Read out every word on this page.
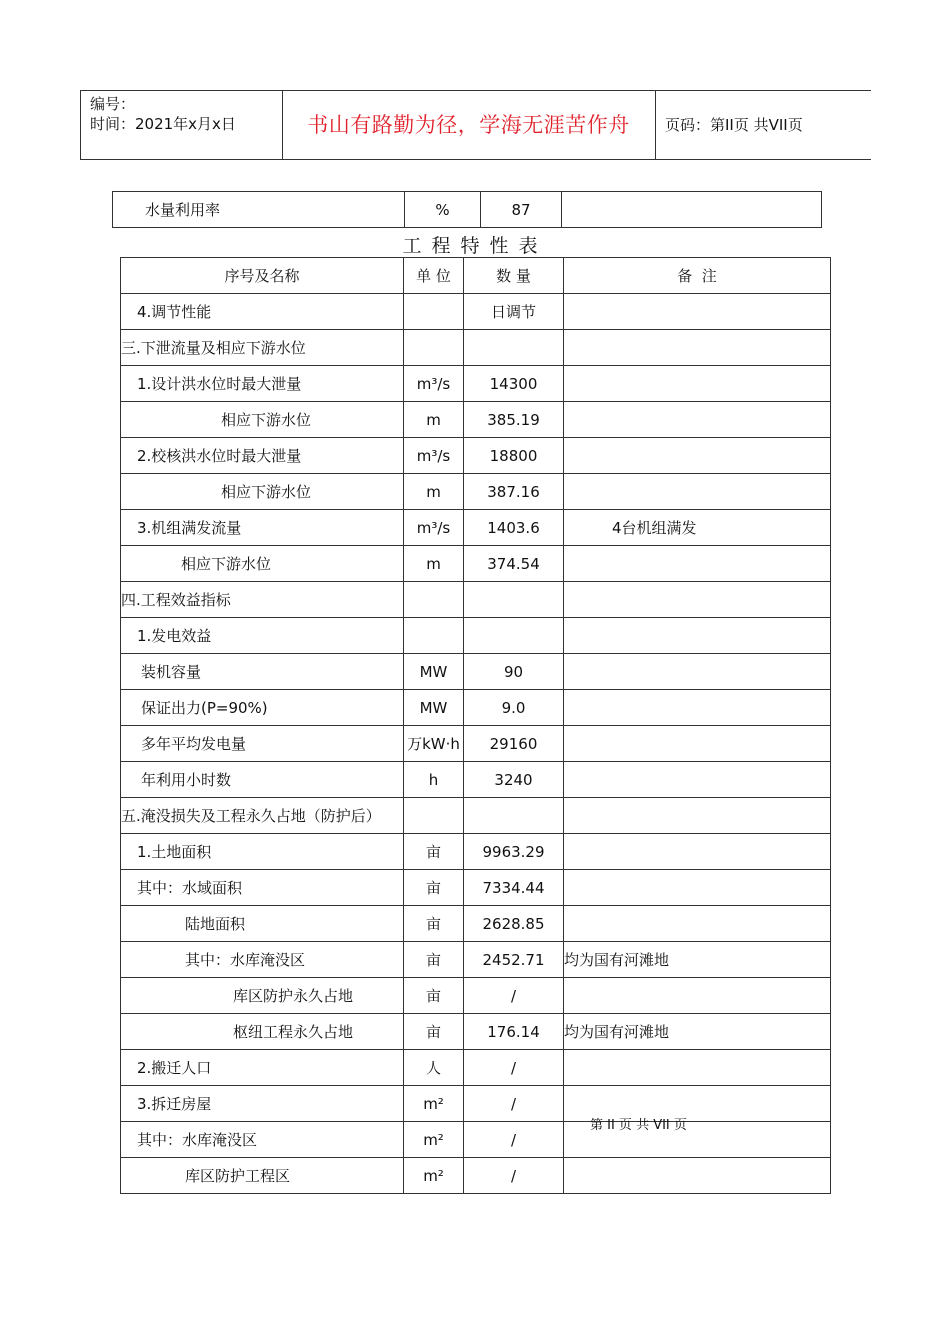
编号：
时间：2021年x月x日	书山有路勤为径，学海无涯苦作舟	页码：第II页 共VII页
水量利用率	%	87	
工程特性表
序号及名称	单 位	数 量	备  注
4.调节性能		日调节	
三.下泄流量及相应下游水位			
1.设计洪水位时最大泄量	m³/s	14300	
相应下游水位	m	385.19	
2.校核洪水位时最大泄量	m³/s	18800	
相应下游水位	m	387.16	
3.机组满发流量	m³/s	1403.6	4台机组满发
相应下游水位	m	374.54	
四.工程效益指标			
1.发电效益			
装机容量	MW	90	
保证出力(P=90%)	MW	9.0	
多年平均发电量	万kW·h	29160	
年利用小时数	h	3240	
五.淹没损失及工程永久占地（防护后）			
1.土地面积	亩	9963.29	
其中：水域面积	亩	7334.44	
陆地面积	亩	2628.85	
其中：水库淹没区	亩	2452.71	均为国有河滩地
库区防护永久占地	亩	/	
枢纽工程永久占地	亩	176.14	均为国有河滩地
2.搬迁人口	人	/	
3.拆迁房屋	m²	/	
其中：水库淹没区	m²	/	
库区防护工程区	m²	/	
第 II 页 共 VII 页
